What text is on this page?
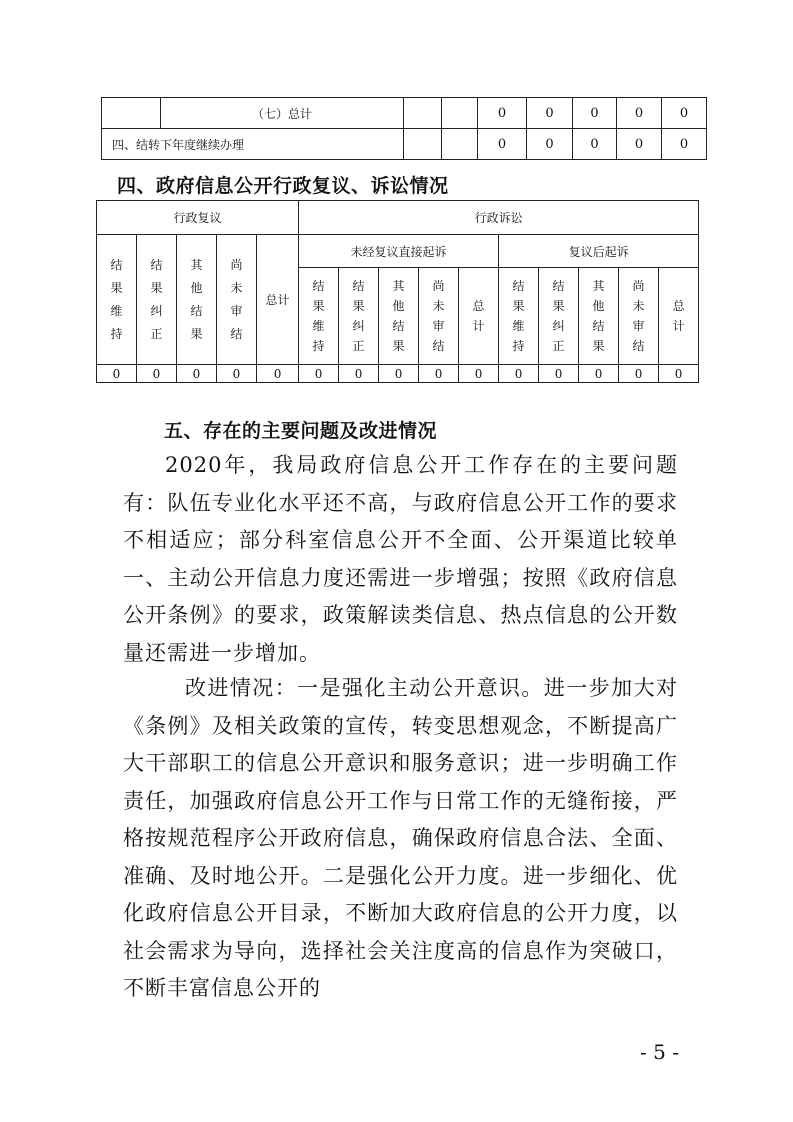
	（七）总计			0	0	0	0	0
四、结转下年度继续办理				0	0	0	0	0
四、政府信息公开行政复议、诉讼情况
行政复议					行政诉讼									
结果维持	结果纠正	其他结果	尚未审结	总计	未经复议直接起诉					复议后起诉				
					结果维持	结果纠正	其他结果	尚未审结	总计	结果维持	结果纠正	其他结果	尚未审结	总计
0	0	0	0	0	0	0	0	0	0	0	0	0	0	0
五、存在的主要问题及改进情况
2020年，我局政府信息公开工作存在的主要问题有：队伍专业化水平还不高，与政府信息公开工作的要求不相适应；部分科室信息公开不全面、公开渠道比较单一、主动公开信息力度还需进一步增强；按照《政府信息公开条例》的要求，政策解读类信息、热点信息的公开数量还需进一步增加。
改进情况：一是强化主动公开意识。进一步加大对《条例》及相关政策的宣传，转变思想观念，不断提高广大干部职工的信息公开意识和服务意识；进一步明确工作责任，加强政府信息公开工作与日常工作的无缝衔接，严格按规范程序公开政府信息，确保政府信息合法、全面、准确、及时地公开。二是强化公开力度。进一步细化、优化政府信息公开目录，不断加大政府信息的公开力度，以社会需求为导向，选择社会关注度高的信息作为突破口，不断丰富信息公开的
- 5 -
